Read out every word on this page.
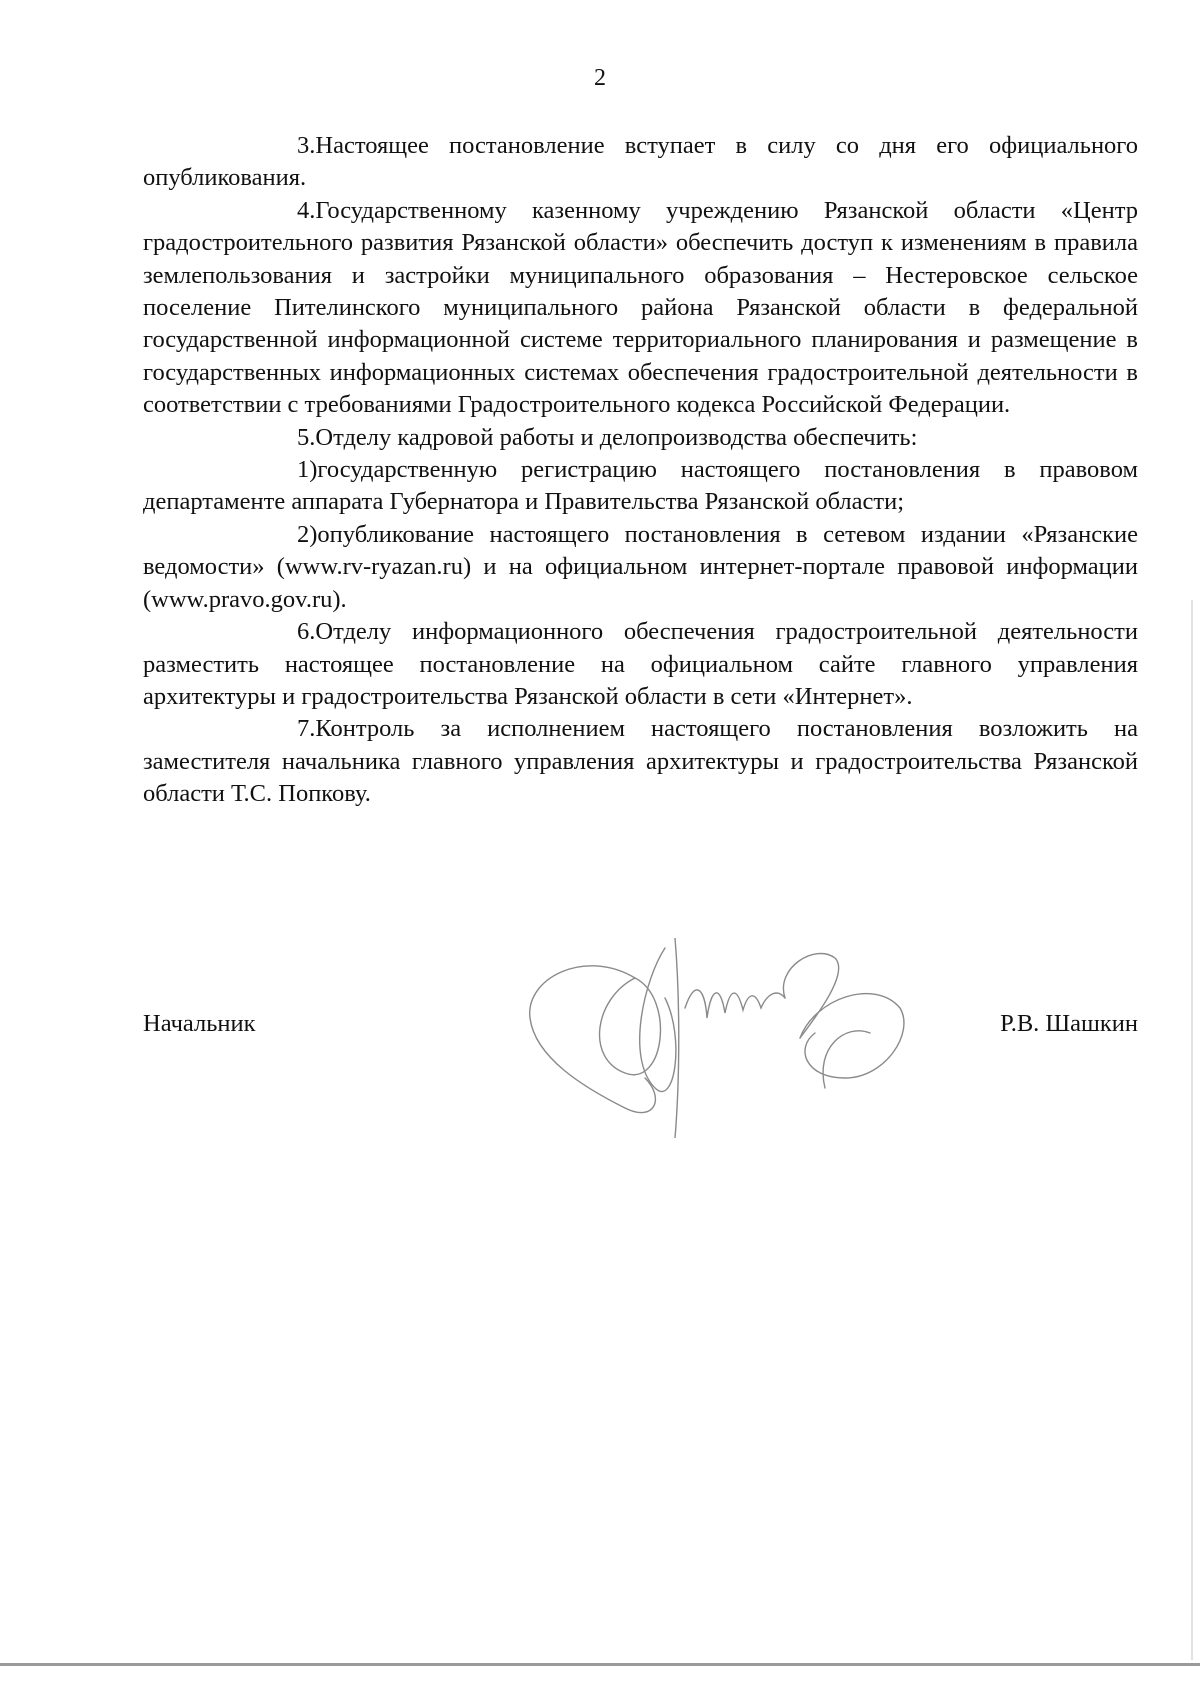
2

3.Настоящее постановление вступает в силу со дня его официального опубликования.

4.Государственному казенному учреждению Рязанской области «Центр градостроительного развития Рязанской области» обеспечить доступ к изменениям в правила землепользования и застройки муниципального образования – Нестеровское сельское поселение Пителинского муниципального района Рязанской области в федеральной государственной информационной системе территориального планирования и размещение в государственных информационных системах обеспечения градостроительной деятельности в соответствии с требованиями Градостроительного кодекса Российской Федерации.

5.Отделу кадровой работы и делопроизводства обеспечить:

1)государственную регистрацию настоящего постановления в правовом департаменте аппарата Губернатора и Правительства Рязанской области;

2)опубликование настоящего постановления в сетевом издании «Рязанские ведомости» (www.rv-ryazan.ru) и на официальном интернет-портале правовой информации (www.pravo.gov.ru).

6.Отделу информационного обеспечения градостроительной деятельности разместить настоящее постановление на официальном сайте главного управления архитектуры и градостроительства Рязанской области в сети «Интернет».

7.Контроль за исполнением настоящего постановления возложить на заместителя начальника главного управления архитектуры и градостроительства Рязанской области Т.С. Попкову.

Начальник	Р.В. Шашкин
